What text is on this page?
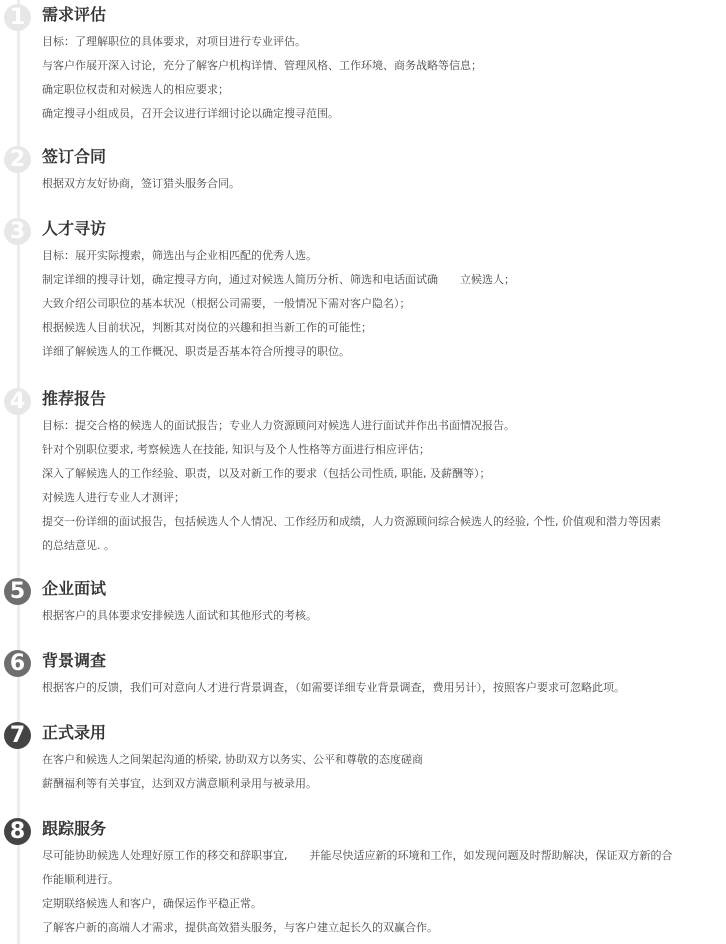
1	需求评估
目标：了理解职位的具体要求，对项目进行专业评估。
与客户作展开深入讨论，充分了解客户机构详情、管理风格、工作环境、商务战略等信息；
确定职位权责和对候选人的相应要求；
确定搜寻小组成员，召开会议进行详细讨论以确定搜寻范围。
2	签订合同
根据双方友好协商，签订猎头服务合同。
3	人才寻访
目标：展开实际搜索，筛选出与企业相匹配的优秀人选。
制定详细的搜寻计划，确定搜寻方向，通过对候选人简历分析、筛选和电话面试确　　立候选人；
大致介绍公司职位的基本状况（根据公司需要，一般情况下需对客户隐名）；
根据候选人目前状况，判断其对岗位的兴趣和担当新工作的可能性；
详细了解候选人的工作概况、职责是否基本符合所搜寻的职位。
4	推荐报告
目标：提交合格的候选人的面试报告；专业人力资源顾问对候选人进行面试并作出书面情况报告。
针对个别职位要求, 考察候选人在技能, 知识与及个人性格等方面进行相应评估；
深入了解候选人的工作经验、职责，以及对新工作的要求（包括公司性质, 职能, 及薪酬等）；
对候选人进行专业人才测评；
提交一份详细的面试报告，包括候选人个人情况、工作经历和成绩，人力资源顾问综合候选人的经验, 个性, 价值观和潜力等因素
的总结意见. 。
5	企业面试
根据客户的具体要求安排候选人面试和其他形式的考核。
6	背景调查
根据客户的反馈，我们可对意向人才进行背景调查，（如需要详细专业背景调查，费用另计），按照客户要求可忽略此项。
7	正式录用
在客户和候选人之间架起沟通的桥梁, 协助双方以务实、公平和尊敬的态度磋商
薪酬福利等有关事宜，达到双方满意顺利录用与被录用。
8	跟踪服务
尽可能协助候选人处理好原工作的移交和辞职事宜,　　并能尽快适应新的环境和工作，如发现问题及时帮助解决，保证双方新的合
作能顺利进行。
定期联络候选人和客户，确保运作平稳正常。
了解客户新的高端人才需求，提供高效猎头服务，与客户建立起长久的双赢合作。
